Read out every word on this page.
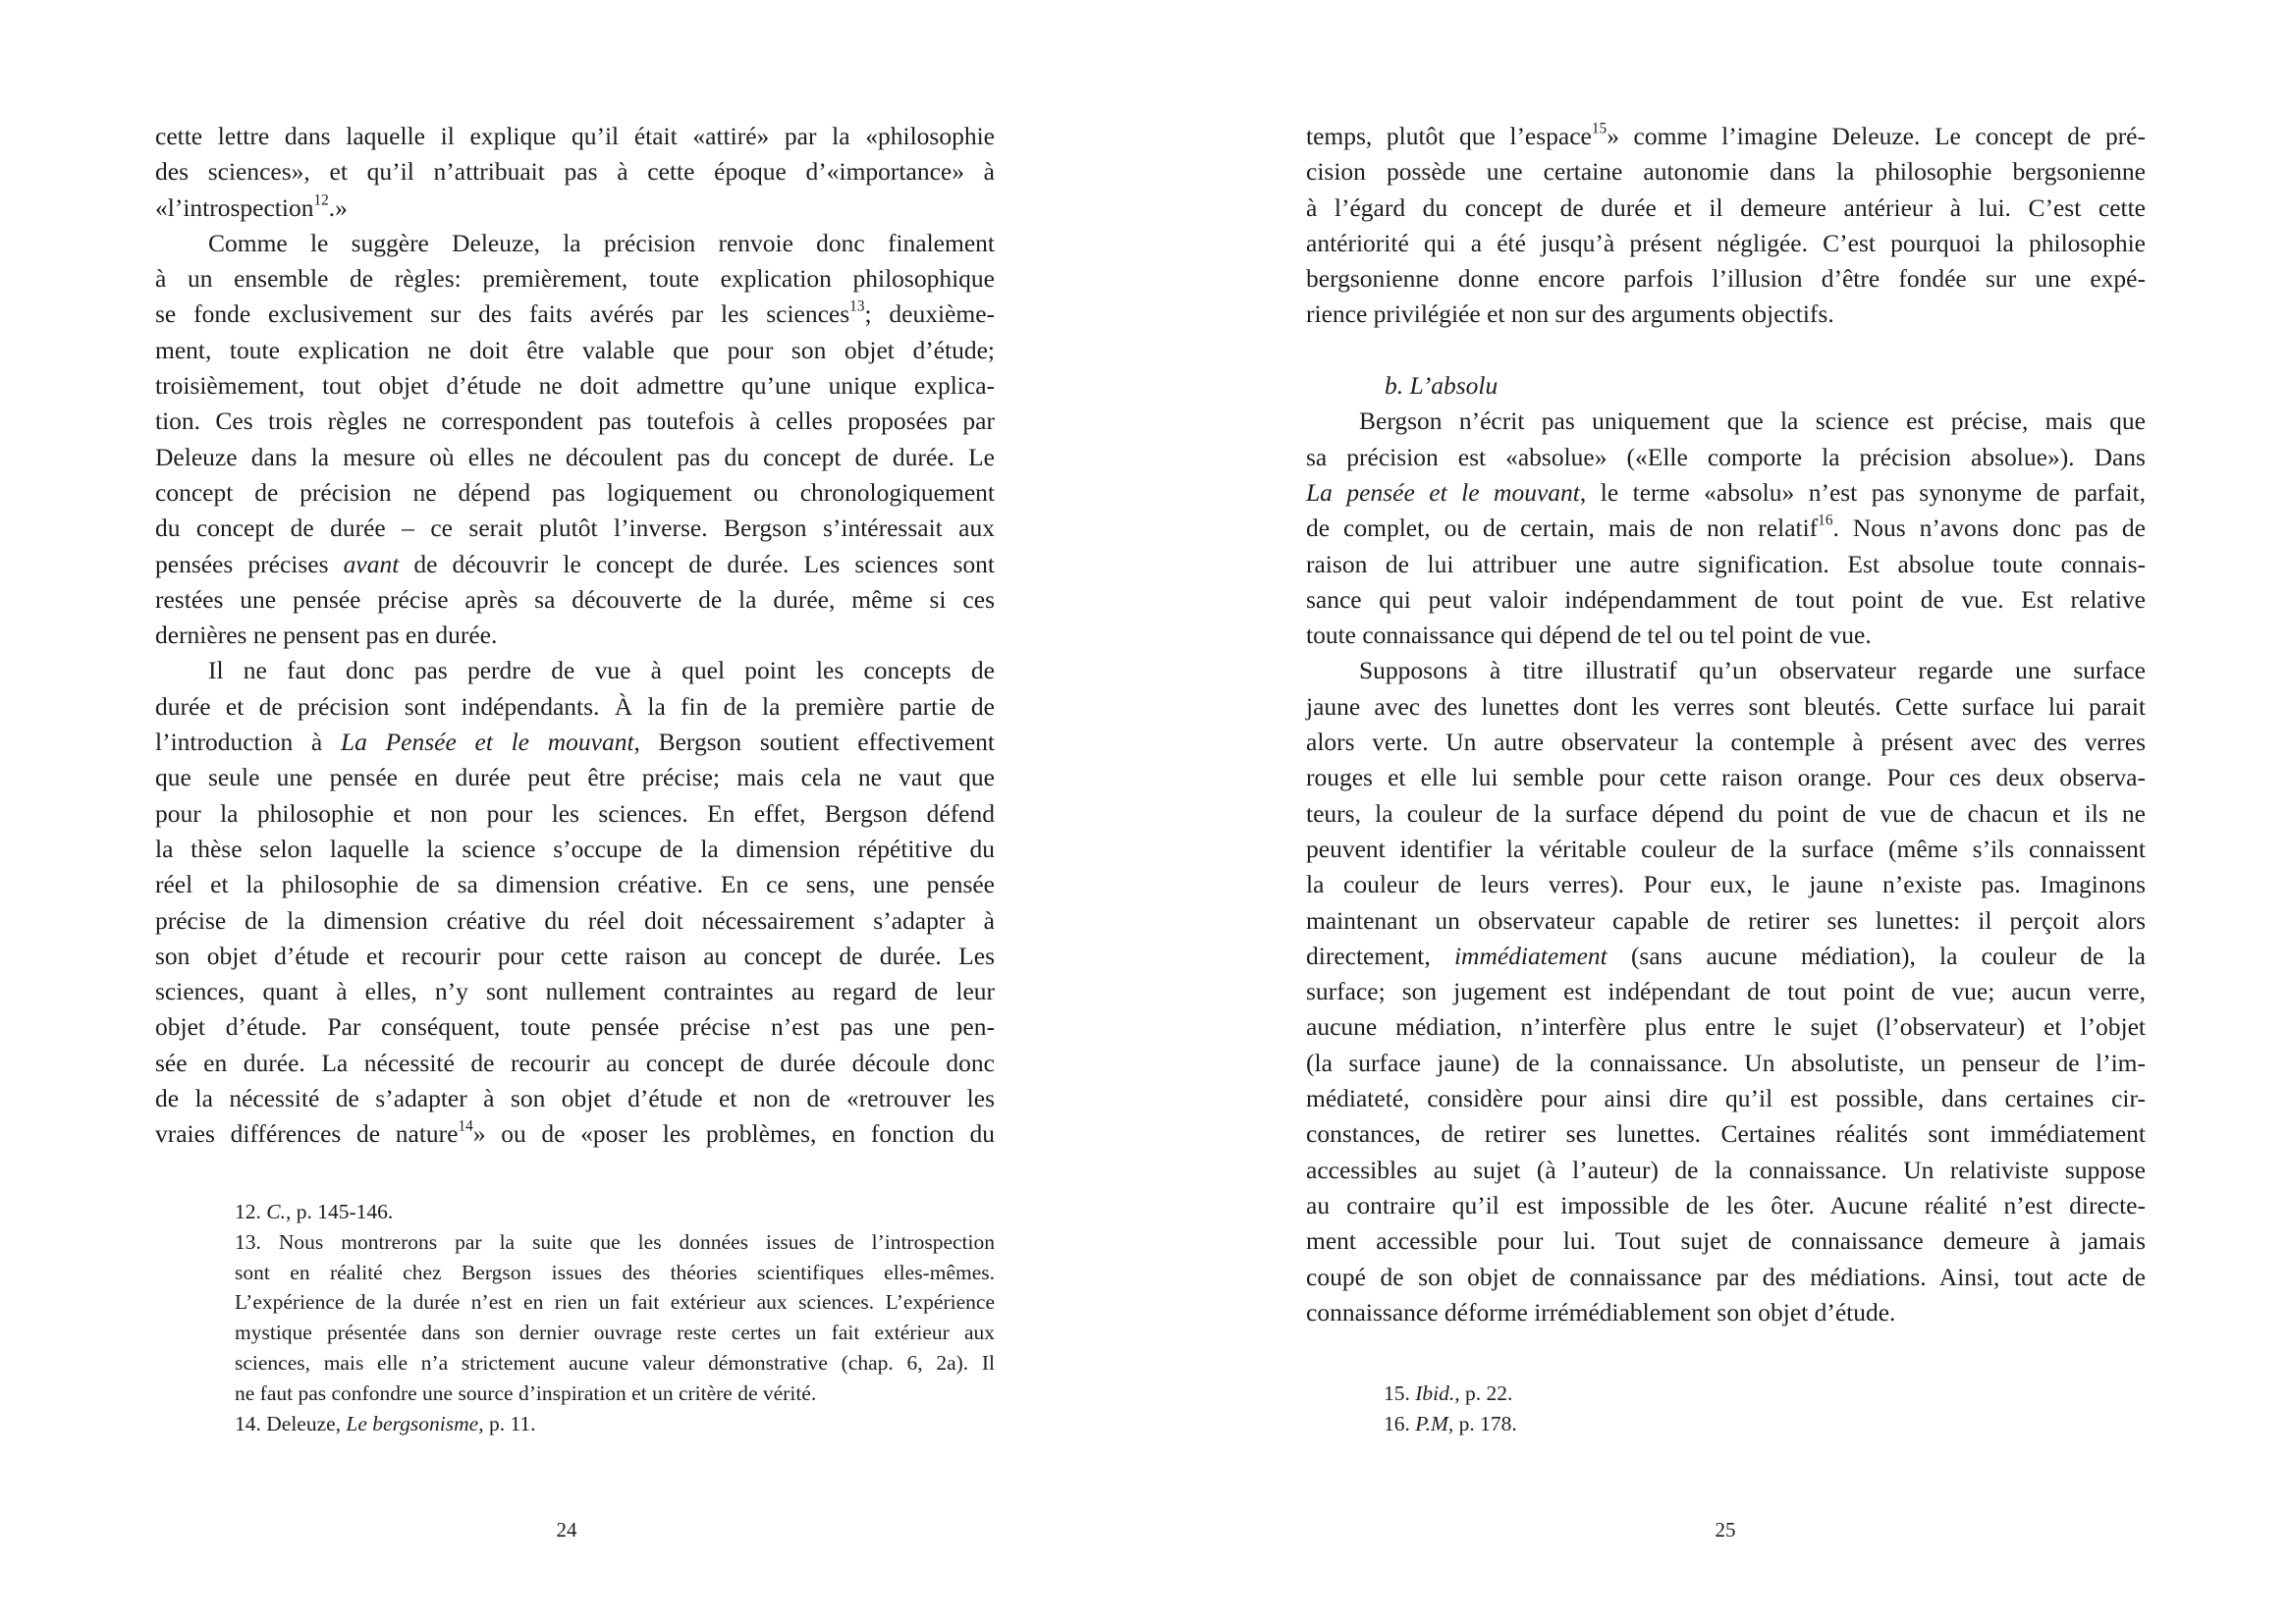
cette lettre dans laquelle il explique qu’il était «attiré» par la «philosophie
des sciences», et qu’il n’attribuait pas à cette époque d’«importance» à
«l’introspection$^{12}$.»
Comme le suggère Deleuze, la précision renvoie donc finalement
à un ensemble de règles: premièrement, toute explication philosophique
se fonde exclusivement sur des faits avérés par les sciences$^{13}$; deuxième-
ment, toute explication ne doit être valable que pour son objet d’étude;
troisièmement, tout objet d’étude ne doit admettre qu’une unique explica-
tion. Ces trois règles ne correspondent pas toutefois à celles proposées par
Deleuze dans la mesure où elles ne découlent pas du concept de durée. Le
concept de précision ne dépend pas logiquement ou chronologiquement
du concept de durée – ce serait plutôt l’inverse. Bergson s’intéressait aux
pensées précises avant de découvrir le concept de durée. Les sciences sont
restées une pensée précise après sa découverte de la durée, même si ces
dernières ne pensent pas en durée.
Il ne faut donc pas perdre de vue à quel point les concepts de
durée et de précision sont indépendants. À la fin de la première partie de
l’introduction à La Pensée et le mouvant, Bergson soutient effectivement
que seule une pensée en durée peut être précise; mais cela ne vaut que
pour la philosophie et non pour les sciences. En effet, Bergson défend
la thèse selon laquelle la science s’occupe de la dimension répétitive du
réel et la philosophie de sa dimension créative. En ce sens, une pensée
précise de la dimension créative du réel doit nécessairement s’adapter à
son objet d’étude et recourir pour cette raison au concept de durée. Les
sciences, quant à elles, n’y sont nullement contraintes au regard de leur
objet d’étude. Par conséquent, toute pensée précise n’est pas une pen-
sée en durée. La nécessité de recourir au concept de durée découle donc
de la nécessité de s’adapter à son objet d’étude et non de «retrouver les
vraies différences de nature$^{14}$» ou de «poser les problèmes, en fonction du
12. C., p. 145-146.
13. Nous montrerons par la suite que les données issues de l’introspection
sont en réalité chez Bergson issues des théories scientifiques elles-mêmes.
L’expérience de la durée n’est en rien un fait extérieur aux sciences. L’expérience
mystique présentée dans son dernier ouvrage reste certes un fait extérieur aux
sciences, mais elle n’a strictement aucune valeur démonstrative (chap. 6, 2a). Il
ne faut pas confondre une source d’inspiration et un critère de vérité.
14. Deleuze, Le bergsonisme, p. 11.
24
temps, plutôt que l’espace$^{15}$» comme l’imagine Deleuze. Le concept de pré-
cision possède une certaine autonomie dans la philosophie bergsonienne
à l’égard du concept de durée et il demeure antérieur à lui. C’est cette
antériorité qui a été jusqu’à présent négligée. C’est pourquoi la philosophie
bergsonienne donne encore parfois l’illusion d’être fondée sur une expé-
rience privilégiée et non sur des arguments objectifs.
b. L’absolu
Bergson n’écrit pas uniquement que la science est précise, mais que
sa précision est «absolue» («Elle comporte la précision absolue»). Dans
La pensée et le mouvant, le terme «absolu» n’est pas synonyme de parfait,
de complet, ou de certain, mais de non relatif$^{16}$. Nous n’avons donc pas de
raison de lui attribuer une autre signification. Est absolue toute connais-
sance qui peut valoir indépendamment de tout point de vue. Est relative
toute connaissance qui dépend de tel ou tel point de vue.
Supposons à titre illustratif qu’un observateur regarde une surface
jaune avec des lunettes dont les verres sont bleutés. Cette surface lui parait
alors verte. Un autre observateur la contemple à présent avec des verres
rouges et elle lui semble pour cette raison orange. Pour ces deux observa-
teurs, la couleur de la surface dépend du point de vue de chacun et ils ne
peuvent identifier la véritable couleur de la surface (même s’ils connaissent
la couleur de leurs verres). Pour eux, le jaune n’existe pas. Imaginons
maintenant un observateur capable de retirer ses lunettes: il perçoit alors
directement, immédiatement (sans aucune médiation), la couleur de la
surface; son jugement est indépendant de tout point de vue; aucun verre,
aucune médiation, n’interfère plus entre le sujet (l’observateur) et l’objet
(la surface jaune) de la connaissance. Un absolutiste, un penseur de l’im-
médiateté, considère pour ainsi dire qu’il est possible, dans certaines cir-
constances, de retirer ses lunettes. Certaines réalités sont immédiatement
accessibles au sujet (à l’auteur) de la connaissance. Un relativiste suppose
au contraire qu’il est impossible de les ôter. Aucune réalité n’est directe-
ment accessible pour lui. Tout sujet de connaissance demeure à jamais
coupé de son objet de connaissance par des médiations. Ainsi, tout acte de
connaissance déforme irrémédiablement son objet d’étude.
15. Ibid., p. 22.
16. P.M, p. 178.
25
